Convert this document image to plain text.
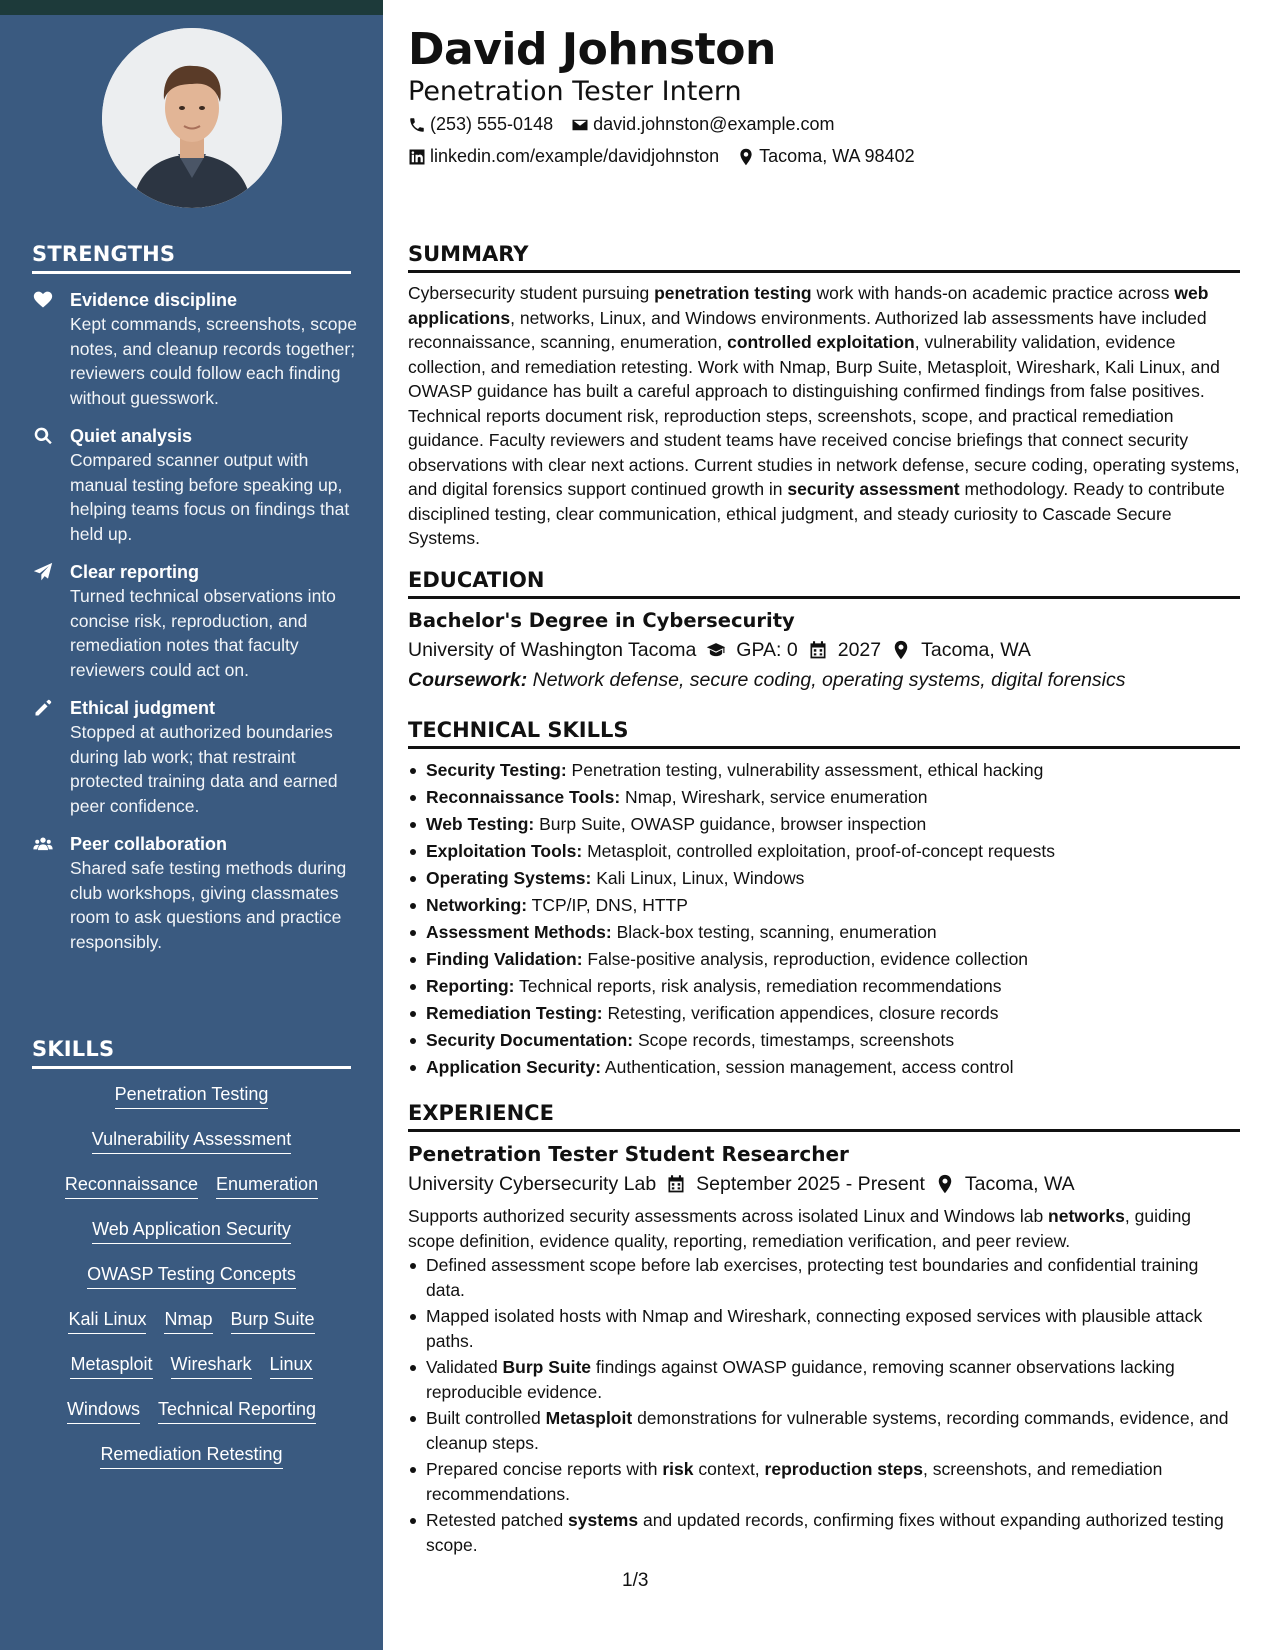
STRENGTHS
Evidence discipline
Kept commands, screenshots, scope notes, and cleanup records together; reviewers could follow each finding without guesswork.
Quiet analysis
Compared scanner output with manual testing before speaking up, helping teams focus on findings that held up.
Clear reporting
Turned technical observations into concise risk, reproduction, and remediation notes that faculty reviewers could act on.
Ethical judgment
Stopped at authorized boundaries during lab work; that restraint protected training data and earned peer confidence.
Peer collaboration
Shared safe testing methods during club workshops, giving classmates room to ask questions and practice responsibly.
SKILLS
Penetration Testing
Vulnerability Assessment
Reconnaissance Enumeration
Web Application Security
OWASP Testing Concepts
Kali Linux Nmap Burp Suite
Metasploit Wireshark Linux
Windows Technical Reporting
Remediation Retesting
David Johnston
Penetration Tester Intern
(253) 555-0148 david.johnston@example.com
linkedin.com/example/davidjohnston Tacoma, WA 98402
SUMMARY

Cybersecurity student pursuing penetration testing work with hands-on academic practice across web applications, networks, Linux, and Windows environments. Authorized lab assessments have included reconnaissance, scanning, enumeration, controlled exploitation, vulnerability validation, evidence collection, and remediation retesting. Work with Nmap, Burp Suite, Metasploit, Wireshark, Kali Linux, and OWASP guidance has built a careful approach to distinguishing confirmed findings from false positives. Technical reports document risk, reproduction steps, screenshots, scope, and practical remediation guidance. Faculty reviewers and student teams have received concise briefings that connect security observations with clear next actions. Current studies in network defense, secure coding, operating systems, and digital forensics support continued growth in security assessment methodology. Ready to contribute disciplined testing, clear communication, ethical judgment, and steady curiosity to Cascade Secure Systems.

EDUCATION
Bachelor's Degree in Cybersecurity
University of Washington Tacoma GPA: 0 2027 Tacoma, WA
Coursework: Network defense, secure coding, operating systems, digital forensics
TECHNICAL SKILLS
Security Testing: Penetration testing, vulnerability assessment, ethical hacking
Reconnaissance Tools: Nmap, Wireshark, service enumeration
Web Testing: Burp Suite, OWASP guidance, browser inspection
Exploitation Tools: Metasploit, controlled exploitation, proof-of-concept requests
Operating Systems: Kali Linux, Linux, Windows
Networking: TCP/IP, DNS, HTTP
Assessment Methods: Black-box testing, scanning, enumeration
Finding Validation: False-positive analysis, reproduction, evidence collection
Reporting: Technical reports, risk analysis, remediation recommendations
Remediation Testing: Retesting, verification appendices, closure records
Security Documentation: Scope records, timestamps, screenshots
Application Security: Authentication, session management, access control
EXPERIENCE
Penetration Tester Student Researcher
University Cybersecurity Lab September 2025 - Present Tacoma, WA

Supports authorized security assessments across isolated Linux and Windows lab networks, guiding scope definition, evidence quality, reporting, remediation verification, and peer review.

Defined assessment scope before lab exercises, protecting test boundaries and confidential training data.
Mapped isolated hosts with Nmap and Wireshark, connecting exposed services with plausible attack paths.
Validated Burp Suite findings against OWASP guidance, removing scanner observations lacking reproducible evidence.
Built controlled Metasploit demonstrations for vulnerable systems, recording commands, evidence, and cleanup steps.
Prepared concise reports with risk context, reproduction steps, screenshots, and remediation recommendations.
Retested patched systems and updated records, confirming fixes without expanding authorized testing scope.
1/3
